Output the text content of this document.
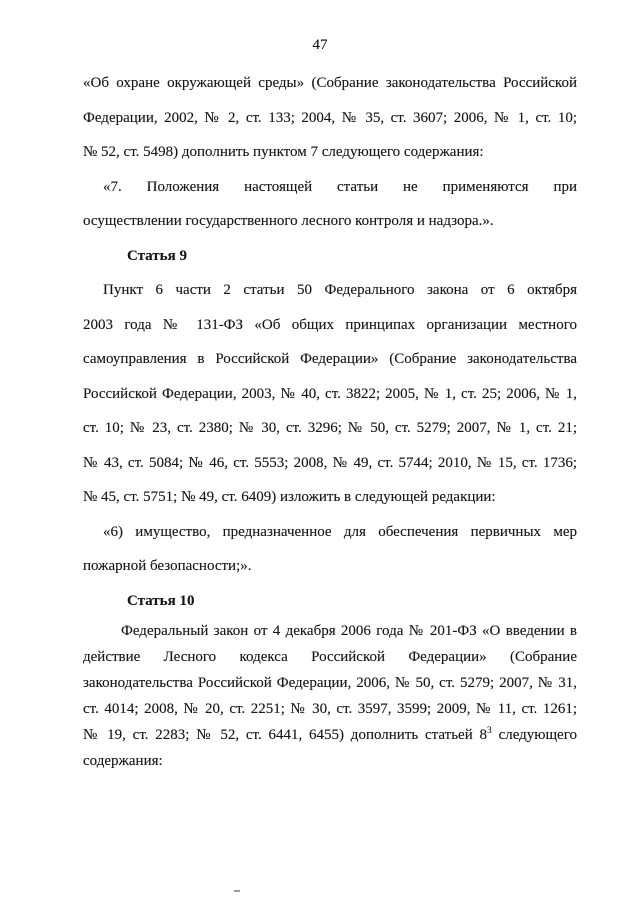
47
«Об охране окружающей среды» (Собрание законодательства Российской
Федерации, 2002, № 2, ст. 133; 2004, № 35, ст. 3607; 2006, № 1, ст. 10;
№ 52, ст. 5498) дополнить пунктом 7 следующего содержания:
«7. Положения настоящей статьи не применяются при
осуществлении государственного лесного контроля и надзора.».
Статья 9
Пункт 6 части 2 статьи 50 Федерального закона от 6 октября
2003 года № 131-ФЗ «Об общих принципах организации местного
самоуправления в Российской Федерации» (Собрание законодательства
Российской Федерации, 2003, № 40, ст. 3822; 2005, № 1, ст. 25; 2006, № 1,
ст. 10; № 23, ст. 2380; № 30, ст. 3296; № 50, ст. 5279; 2007, № 1, ст. 21;
№ 43, ст. 5084; № 46, ст. 5553; 2008, № 49, ст. 5744; 2010, № 15, ст. 1736;
№ 45, ст. 5751; № 49, ст. 6409) изложить в следующей редакции:
«6) имущество, предназначенное для обеспечения первичных мер
пожарной безопасности;».
Статья 10
Федеральный закон от 4 декабря 2006 года № 201-ФЗ «О введении в
действие Лесного кодекса Российской Федерации» (Собрание
законодательства Российской Федерации, 2006, № 50, ст. 5279; 2007, № 31,
ст. 4014; 2008, № 20, ст. 2251; № 30, ст. 3597, 3599; 2009, № 11, ст. 1261;
№ 19, ст. 2283; № 52, ст. 6441, 6455) дополнить статьей $8^3$ следующего
содержания:
